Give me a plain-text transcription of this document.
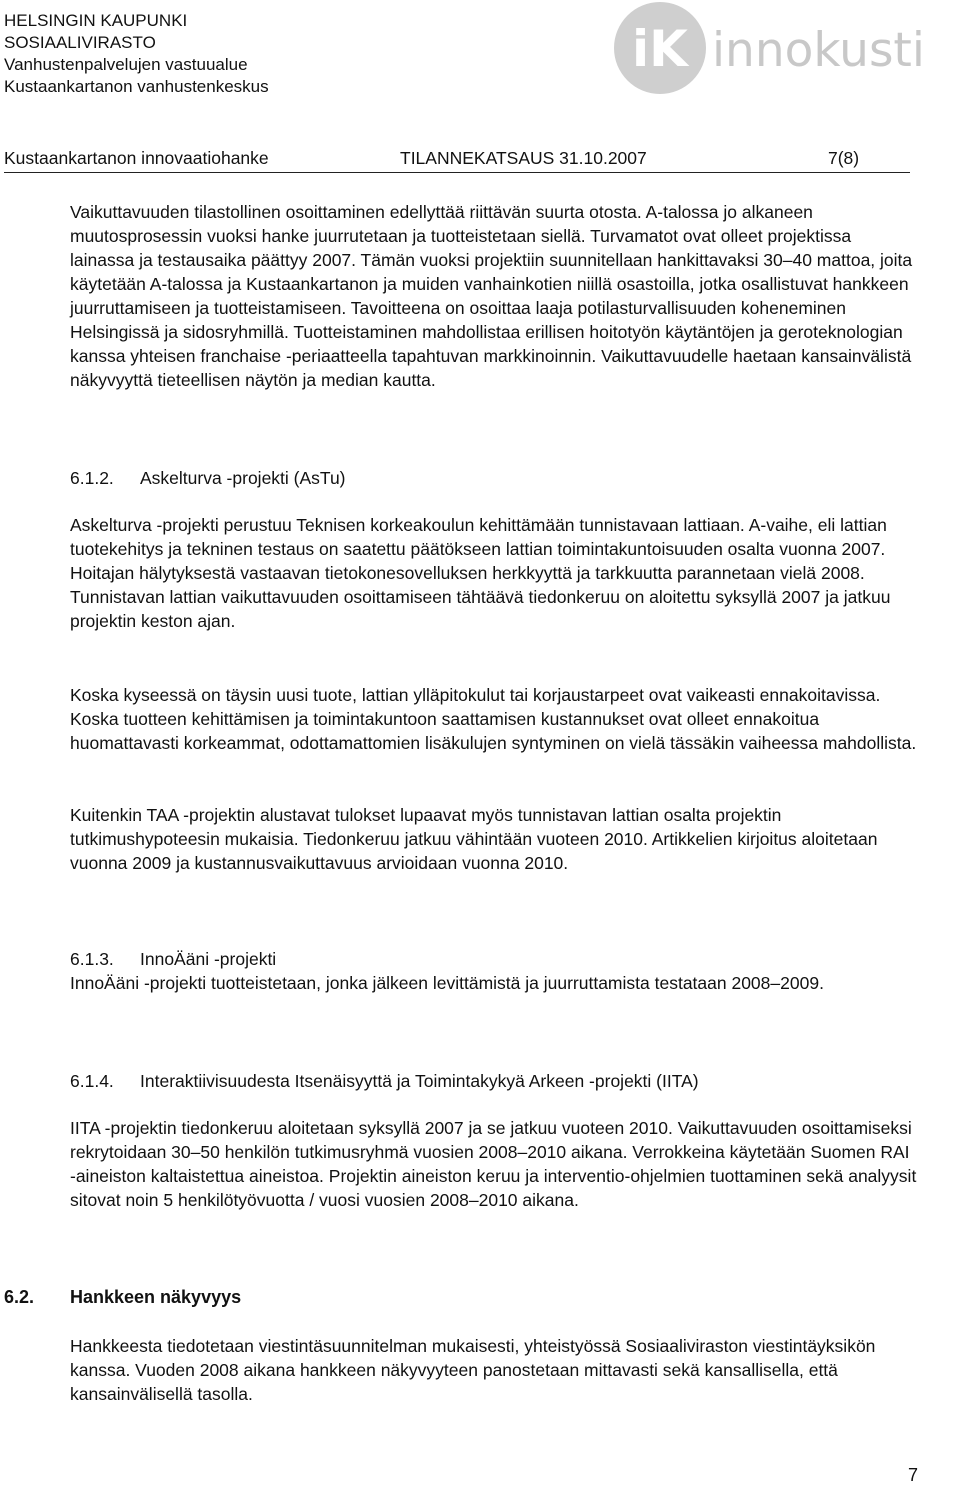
HELSINGIN KAUPUNKI
SOSIAALIVIRASTO
Vanhustenpalvelujen vastuualue
Kustaankartanon vanhustenkeskus
iK innokusti
Kustaankartanon innovaatiohanke	TILANNEKATSAUS 31.10.2007	7(8)

Vaikuttavuuden tilastollinen osoittaminen edellyttää riittävän suurta otosta. A-talossa jo alkaneen muutosprosessin vuoksi hanke juurrutetaan ja tuotteistetaan siellä. Turvamatot ovat olleet projektissa lainassa ja testausaika päättyy 2007. Tämän vuoksi projektiin suunnitellaan hankittavaksi 30–40 mattoa, joita käytetään A-talossa ja Kustaankartanon ja muiden vanhainkotien niillä osastoilla, jotka osallistuvat hankkeen juurruttamiseen ja tuotteistamiseen. Tavoitteena on osoittaa laaja potilasturvallisuuden koheneminen Helsingissä ja sidosryhmillä. Tuotteistaminen mahdollistaa erillisen hoitotyön käytäntöjen ja geroteknologian kanssa yhteisen franchaise -periaatteella tapahtuvan markkinoinnin. Vaikuttavuudelle haetaan kansainvälistä näkyvyyttä tieteellisen näytön ja median kautta.

6.1.2. Askelturva -projekti (AsTu)

Askelturva -projekti perustuu Teknisen korkeakoulun kehittämään tunnistavaan lattiaan. A-vaihe, eli lattian tuotekehitys ja tekninen testaus on saatettu päätökseen lattian toimintakuntoisuuden osalta vuonna 2007. Hoitajan hälytyksestä vastaavan tietokonesovelluksen herkkyyttä ja tarkkuutta parannetaan vielä 2008. Tunnistavan lattian vaikuttavuuden osoittamiseen tähtäävä tiedonkeruu on aloitettu syksyllä 2007 ja jatkuu projektin keston ajan.

Koska kyseessä on täysin uusi tuote, lattian ylläpitokulut tai korjaustarpeet ovat vaikeasti ennakoitavissa. Koska tuotteen kehittämisen ja toimintakuntoon saattamisen kustannukset ovat olleet ennakoitua huomattavasti korkeammat, odottamattomien lisäkulujen syntyminen on vielä tässäkin vaiheessa mahdollista.

Kuitenkin TAA -projektin alustavat tulokset lupaavat myös tunnistavan lattian osalta projektin tutkimushypoteesin mukaisia. Tiedonkeruu jatkuu vähintään vuoteen 2010. Artikkelien kirjoitus aloitetaan vuonna 2009 ja kustannusvaikuttavuus arvioidaan vuonna 2010.

6.1.3. InnoÄäni -projekti

InnoÄäni -projekti tuotteistetaan, jonka jälkeen levittämistä ja juurruttamista testataan 2008–2009.

6.1.4. Interaktiivisuudesta Itsenäisyyttä ja Toimintakykyä Arkeen -projekti (IITA)

IITA -projektin tiedonkeruu aloitetaan syksyllä 2007 ja se jatkuu vuoteen 2010. Vaikuttavuuden osoittamiseksi rekrytoidaan 30–50 henkilön tutkimusryhmä vuosien 2008–2010 aikana. Verrokkeina käytetään Suomen RAI -aineiston kaltaistettua aineistoa. Projektin aineiston keruu ja interventio-ohjelmien tuottaminen sekä analyysit sitovat noin 5 henkilötyövuotta / vuosi vuosien 2008–2010 aikana.

6.2. Hankkeen näkyvyys

Hankkeesta tiedotetaan viestintäsuunnitelman mukaisesti, yhteistyössä Sosiaaliviraston viestintäyksikön kanssa. Vuoden 2008 aikana hankkeen näkyvyyteen panostetaan mittavasti sekä kansallisella, että kansainvälisellä tasolla.

7
